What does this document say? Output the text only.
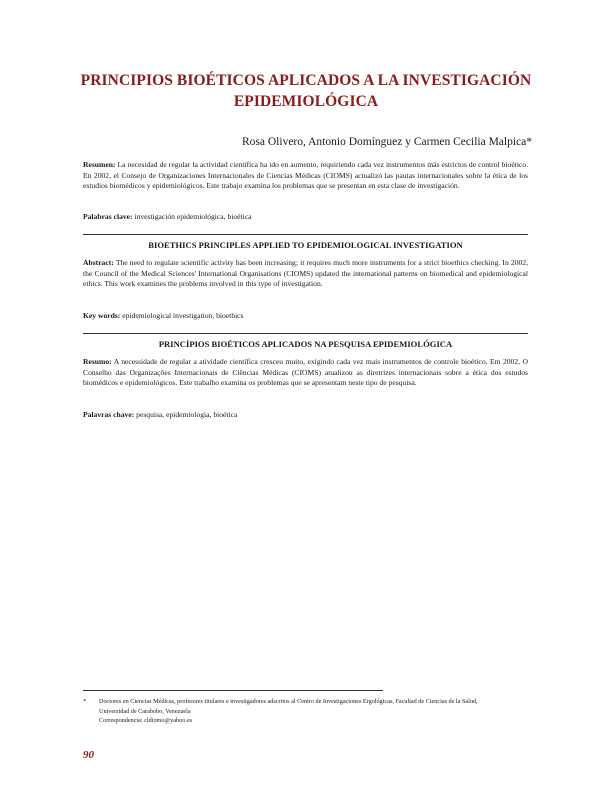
PRINCIPIOS BIOÉTICOS APLICADOS A LA INVESTIGACIÓN
EPIDEMIOLÓGICA
Rosa Olivero, Antonio Domínguez y Carmen Cecilia Malpica*
Resumen: La necesidad de regular la actividad científica ha ido en aumento, requiriendo cada vez instrumentos más estrictos de control bioético. En 2002, el Consejo de Organizaciones Internacionales de Ciencias Médicas (CIOMS) actualizó las pautas internacionales sobre la ética de los estudios biomédicos y epidemiológicos. Este trabajo examina los problemas que se presentan en esta clase de investigación.
Palabras clave: investigación epidemiológica, bioética
BIOETHICS PRINCIPLES APPLIED TO EPIDEMIOLOGICAL INVESTIGATION
Abstract: The need to regulate scientific activity has been increasing; it requires much more instruments for a strict bioethics checking. In 2002, the Council of the Medical Sciences' International Organisations (CIOMS) updated the international patterns on biomedical and epidemiological ethics. This work examines the problems involved in this type of investigation.
Key words: epidemiological investigation, bioethics
PRINCÍPIOS BIOÉTICOS APLICADOS NA PESQUISA EPIDEMIOLÓGICA
Resumo: A necessidade de regular a atividade científica cresceu muito, exigindo cada vez mais instrumentos de controle bioético. Em 2002, O Conselho das Organizações Internacionais de Ciências Médicas (CIOMS) atualizou as diretrizes internacionais sobre a ética dos estudos biomédicos e epidemiológicos. Este trabalho examina os problemas que se apresentam neste tipo de pesquisa.
Palavras chave: pesquisa, epidemiologia, bioética
* Doctores en Ciencias Médicas, profesores titulares e investigadores adscritos al Centro de Investigaciones Ergológicas, Facultad de Ciencias de la Salud,
Universidad de Carabobo, Venezuela
Correspondencia: cldiomo@yahoo.es
90
